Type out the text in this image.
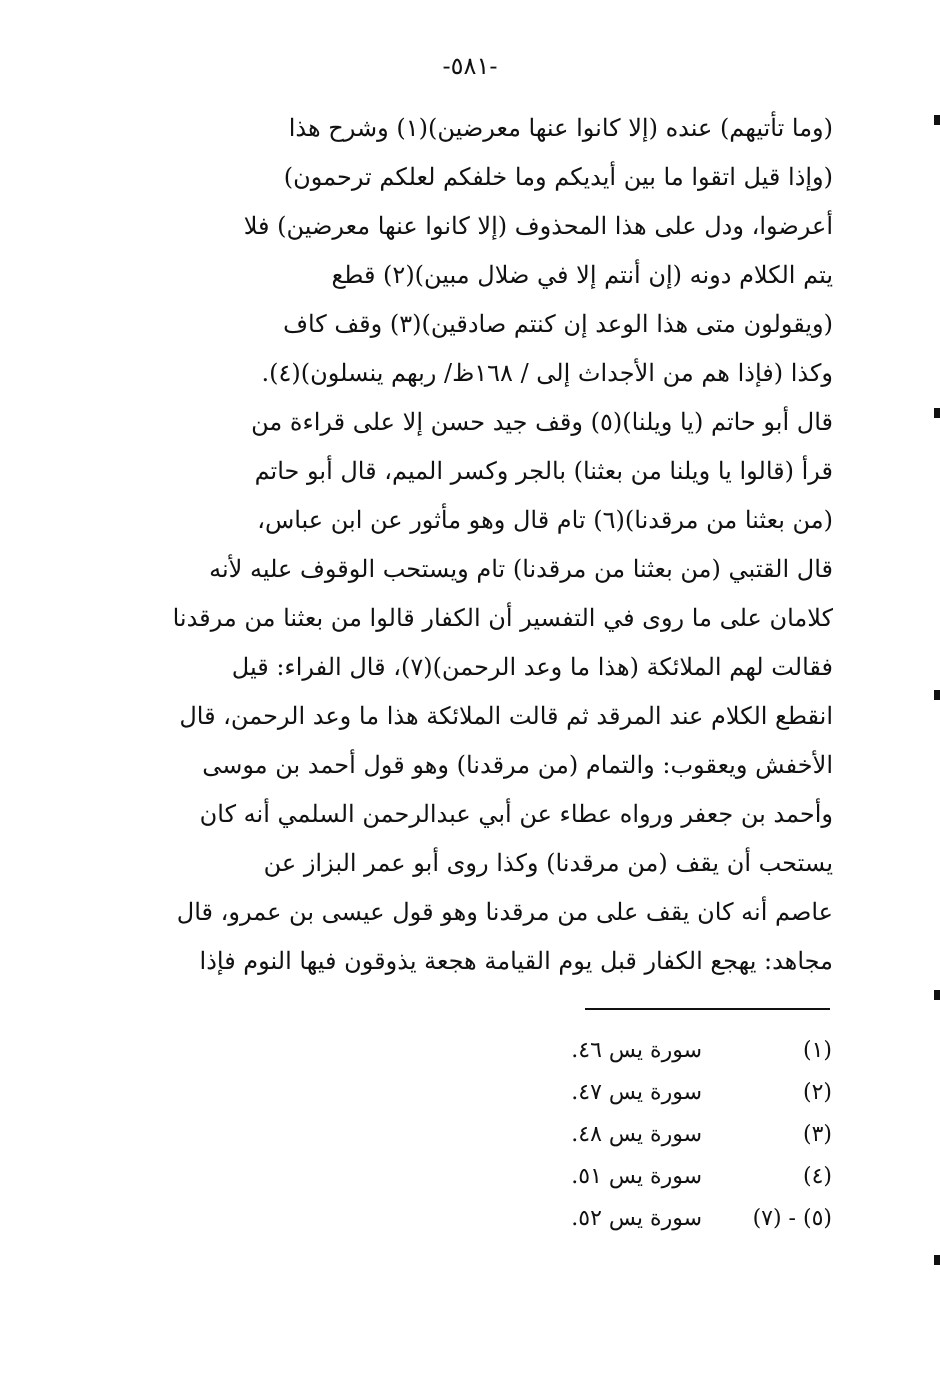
-٥٨١-
(وما تأتيهم) عنده (إلا كانوا عنها معرضين)(١) وشرح هذا
(وإذا قيل اتقوا ما بين أيديكم وما خلفكم لعلكم ترحمون)
أعرضوا، ودل على هذا المحذوف (إلا كانوا عنها معرضين) فلا
يتم الكلام دونه (إن أنتم إلا في ضلال مبين)(٢) قطع
(ويقولون متى هذا الوعد إن كنتم صادقين)(٣) وقف كاف
وكذا (فإذا هم من الأجداث إلى / ١٦٨ظ/ ربهم ينسلون)(٤).
قال أبو حاتم (يا ويلنا)(٥) وقف جيد حسن إلا على قراءة من
قرأ (قالوا يا ويلنا من بعثنا) بالجر وكسر الميم، قال أبو حاتم
(من بعثنا من مرقدنا)(٦) تام قال وهو مأثور عن ابن عباس،
قال القتبي (من بعثنا من مرقدنا) تام ويستحب الوقوف عليه لأنه
كلامان على ما روى في التفسير أن الكفار قالوا من بعثنا من مرقدنا
فقالت لهم الملائكة (هذا ما وعد الرحمن)(٧)، قال الفراء: قيل
انقطع الكلام عند المرقد ثم قالت الملائكة هذا ما وعد الرحمن، قال
الأخفش ويعقوب: والتمام (من مرقدنا) وهو قول أحمد بن موسى
وأحمد بن جعفر ورواه عطاء عن أبي عبدالرحمن السلمي أنه كان
يستحب أن يقف (من مرقدنا) وكذا روى أبو عمر البزاز عن
عاصم أنه كان يقف على من مرقدنا وهو قول عيسى بن عمرو، قال
مجاهد: يهجع الكفار قبل يوم القيامة هجعة يذوقون فيها النوم فإذا
(١)
سورة يس ٤٦.
(٢)
سورة يس ٤٧.
(٣)
سورة يس ٤٨.
(٤)
سورة يس ٥١.
(٥) - (٧)
سورة يس ٥٢.
